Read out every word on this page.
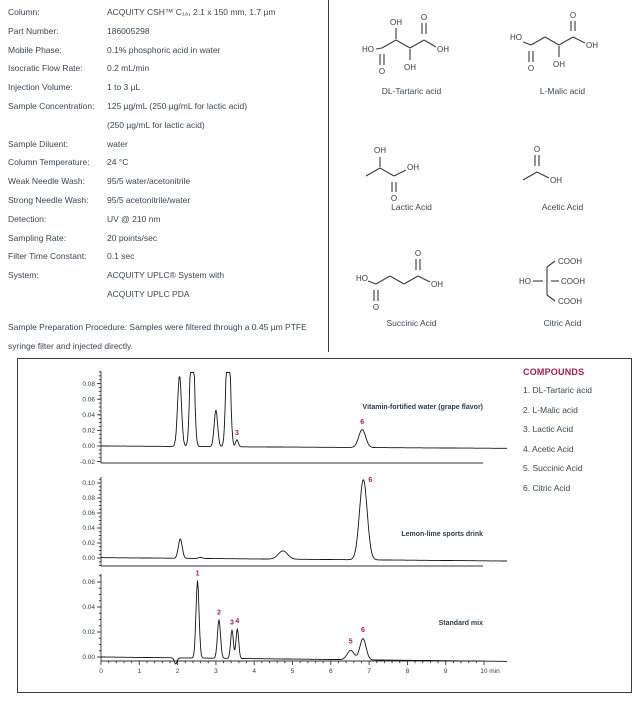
Column:	ACQUITY CSH™ C₁₈, 2.1 x 150 mm, 1.7 µm
Part Number:	186005298
Mobile Phase:	0.1% phosphoric acid in water
Isocratic Flow Rate:	0.2 mL/min
Injection Volume:	1 to 3 µL
Sample Concentration:	125 µg/mL (250 µg/mL for lactic acid)
(250 µg/mL for lactic acid)
Sample Diluent:	water
Column Temperature:	24 °C
Weak Needle Wash:	95/5 water/acetonitrile
Strong Needle Wash:	95/5 acetonitrile/water
Detection:	UV @ 210 nm
Sampling Rate:	20 points/sec
Filter Time Constant:	0.1 sec
System:	ACQUITY UPLC® System with
ACQUITY UPLC PDA

Sample Preparation Procedure: Samples were filtered through a 0.45 µm PTFE syringe filter and injected directly.

HO
O
OH
OH
O
OH
DL-Tartaric acid
HO
O OH
O
OH
L-Malic acid
OH
O
OH
Lactic Acid
O
OH
Acetic Acid
HO
O
O
OH
Succinic Acid
HO
COOH
COOH
COOH
Citric Acid
-0.02
0.00
0.02
0.04
0.06
0.08
3
6
Vitamin-fortified water (grape flavor)
0.00
0.02
0.04
0.06
0.08
0.10	6
Lemon-lime sports drink
0.00
0.02
0.04
0.06
0	1	2	3	4	5	6	7	8	9	10 min
1
2
3 4
5
6
Standard mix
COMPOUNDS
1. DL-Tartaric acid
2. L-Malic acid
3. Lactic Acid
4. Acetic Acid
5. Succinic Acid
6. Citric Acid
